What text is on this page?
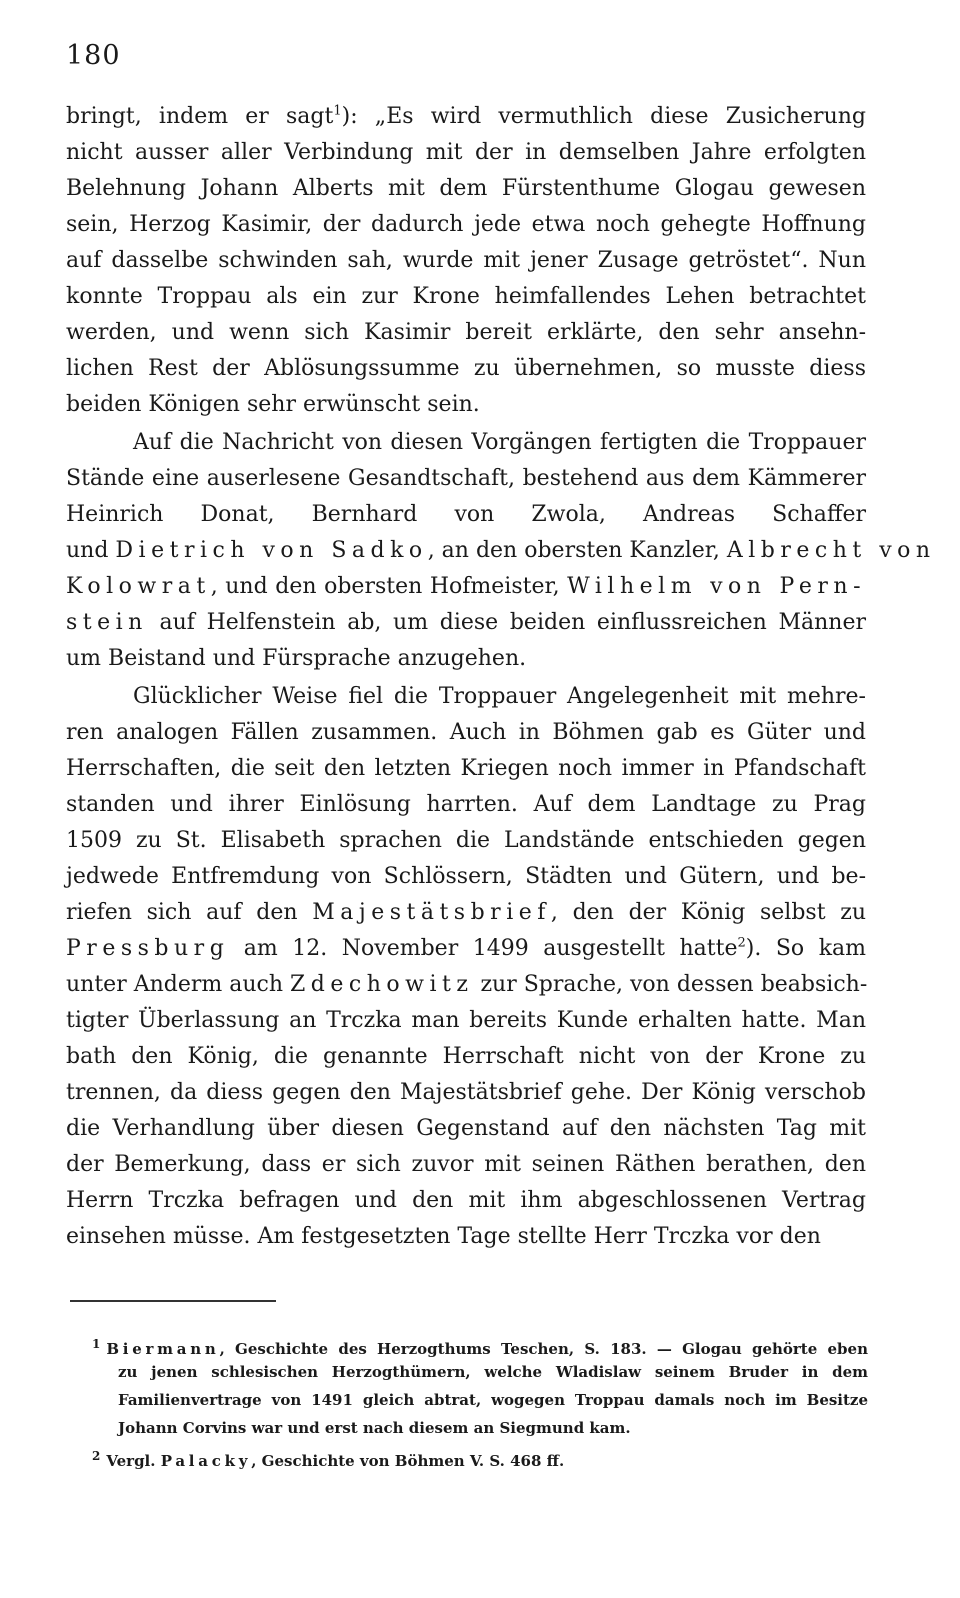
180
bringt, indem er sagt$^1$): „Es wird vermuthlich diese Zusicherung
nicht ausser aller Verbindung mit der in demselben Jahre erfolgten
Belehnung Johann Alberts mit dem Fürstenthume Glogau gewesen
sein, Herzog Kasimir, der dadurch jede etwa noch gehegte Hoffnung
auf dasselbe schwinden sah, wurde mit jener Zusage getröstet“. Nun
konnte Troppau als ein zur Krone heimfallendes Lehen betrachtet
werden, und wenn sich Kasimir bereit erklärte, den sehr ansehn-
lichen Rest der Ablösungssumme zu übernehmen, so musste diess
beiden Königen sehr erwünscht sein.
Auf die Nachricht von diesen Vorgängen fertigten die Troppauer
Stände eine auserlesene Gesandtschaft, bestehend aus dem Kämmerer
Heinrich Donat, Bernhard von Zwola, Andreas Schaffer
und Dietrich von Sadko, an den obersten Kanzler, Albrecht von
Kolowrat, und den obersten Hofmeister, Wilhelm von Pern-
stein auf Helfenstein ab, um diese beiden einflussreichen Männer
um Beistand und Fürsprache anzugehen.
Glücklicher Weise fiel die Troppauer Angelegenheit mit mehre-
ren analogen Fällen zusammen. Auch in Böhmen gab es Güter und
Herrschaften, die seit den letzten Kriegen noch immer in Pfandschaft
standen und ihrer Einlösung harrten. Auf dem Landtage zu Prag
1509 zu St. Elisabeth sprachen die Landstände entschieden gegen
jedwede Entfremdung von Schlössern, Städten und Gütern, und be-
riefen sich auf den Majestätsbrief, den der König selbst zu
Pressburg am 12. November 1499 ausgestellt hatte$^2$). So kam
unter Anderm auch Zdechowitz zur Sprache, von dessen beabsich-
tigter Überlassung an Trczka man bereits Kunde erhalten hatte. Man
bath den König, die genannte Herrschaft nicht von der Krone zu
trennen, da diess gegen den Majestätsbrief gehe. Der König verschob
die Verhandlung über diesen Gegenstand auf den nächsten Tag mit
der Bemerkung, dass er sich zuvor mit seinen Räthen berathen, den
Herrn Trczka befragen und den mit ihm abgeschlossenen Vertrag
einsehen müsse. Am festgesetzten Tage stellte Herr Trczka vor den
$^1$ Biermann, Geschichte des Herzogthums Teschen, S. 183. — Glogau gehörte eben
zu jenen schlesischen Herzogthümern, welche Wladislaw seinem Bruder in dem
Familienvertrage von 1491 gleich abtrat, wogegen Troppau damals noch im Besitze
Johann Corvins war und erst nach diesem an Siegmund kam.
$^2$ Vergl. Palacky, Geschichte von Böhmen V. S. 468 ff.
